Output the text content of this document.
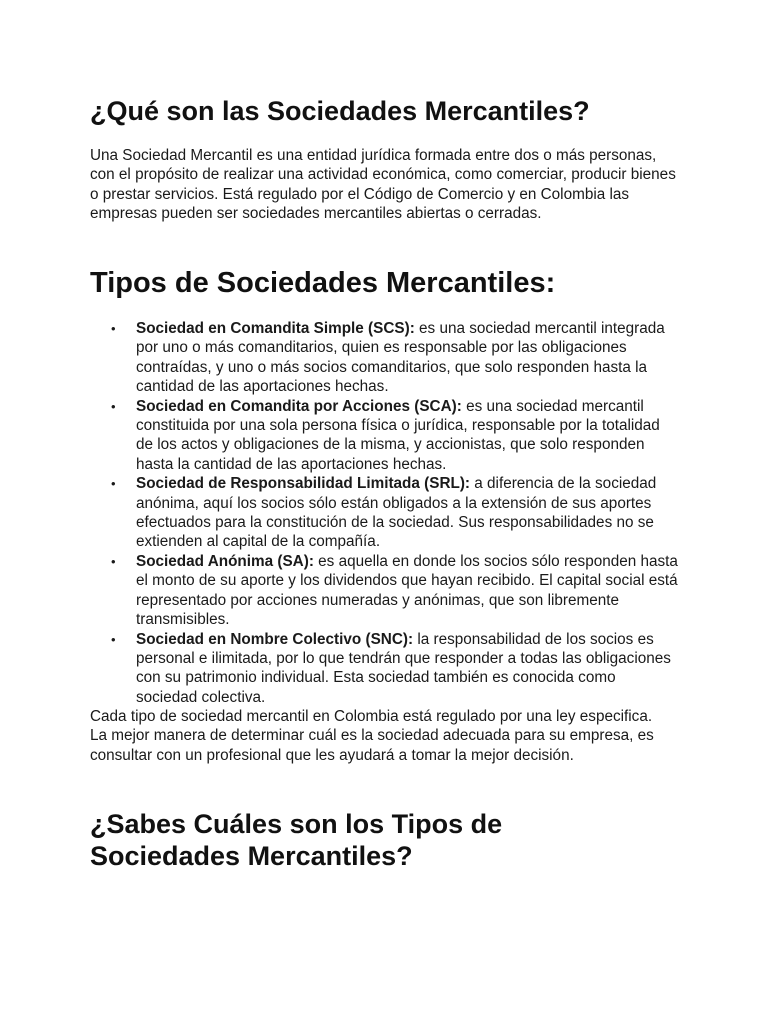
¿Qué son las Sociedades Mercantiles?

Una Sociedad Mercantil es una entidad jurídica formada entre dos o más personas, con el propósito de realizar una actividad económica, como comerciar, producir bienes o prestar servicios. Está regulado por el Código de Comercio y en Colombia las empresas pueden ser sociedades mercantiles abiertas o cerradas.

Tipos de Sociedades Mercantiles:
• Sociedad en Comandita Simple (SCS): es una sociedad mercantil integrada por uno o más comanditarios, quien es responsable por las obligaciones contraídas, y uno o más socios comanditarios, que solo responden hasta la cantidad de las aportaciones hechas.
• Sociedad en Comandita por Acciones (SCA): es una sociedad mercantil constituida por una sola persona física o jurídica, responsable por la totalidad de los actos y obligaciones de la misma, y accionistas, que solo responden hasta la cantidad de las aportaciones hechas.
• Sociedad de Responsabilidad Limitada (SRL): a diferencia de la sociedad anónima, aquí los socios sólo están obligados a la extensión de sus aportes efectuados para la constitución de la sociedad. Sus responsabilidades no se extienden al capital de la compañía.
• Sociedad Anónima (SA): es aquella en donde los socios sólo responden hasta el monto de su aporte y los dividendos que hayan recibido. El capital social está representado por acciones numeradas y anónimas, que son libremente transmisibles.
• Sociedad en Nombre Colectivo (SNC): la responsabilidad de los socios es personal e ilimitada, por lo que tendrán que responder a todas las obligaciones con su patrimonio individual. Esta sociedad también es conocida como sociedad colectiva.

Cada tipo de sociedad mercantil en Colombia está regulado por una ley especifica. La mejor manera de determinar cuál es la sociedad adecuada para su empresa, es consultar con un profesional que les ayudará a tomar la mejor decisión.

¿Sabes Cuáles son los Tipos de Sociedades Mercantiles?
